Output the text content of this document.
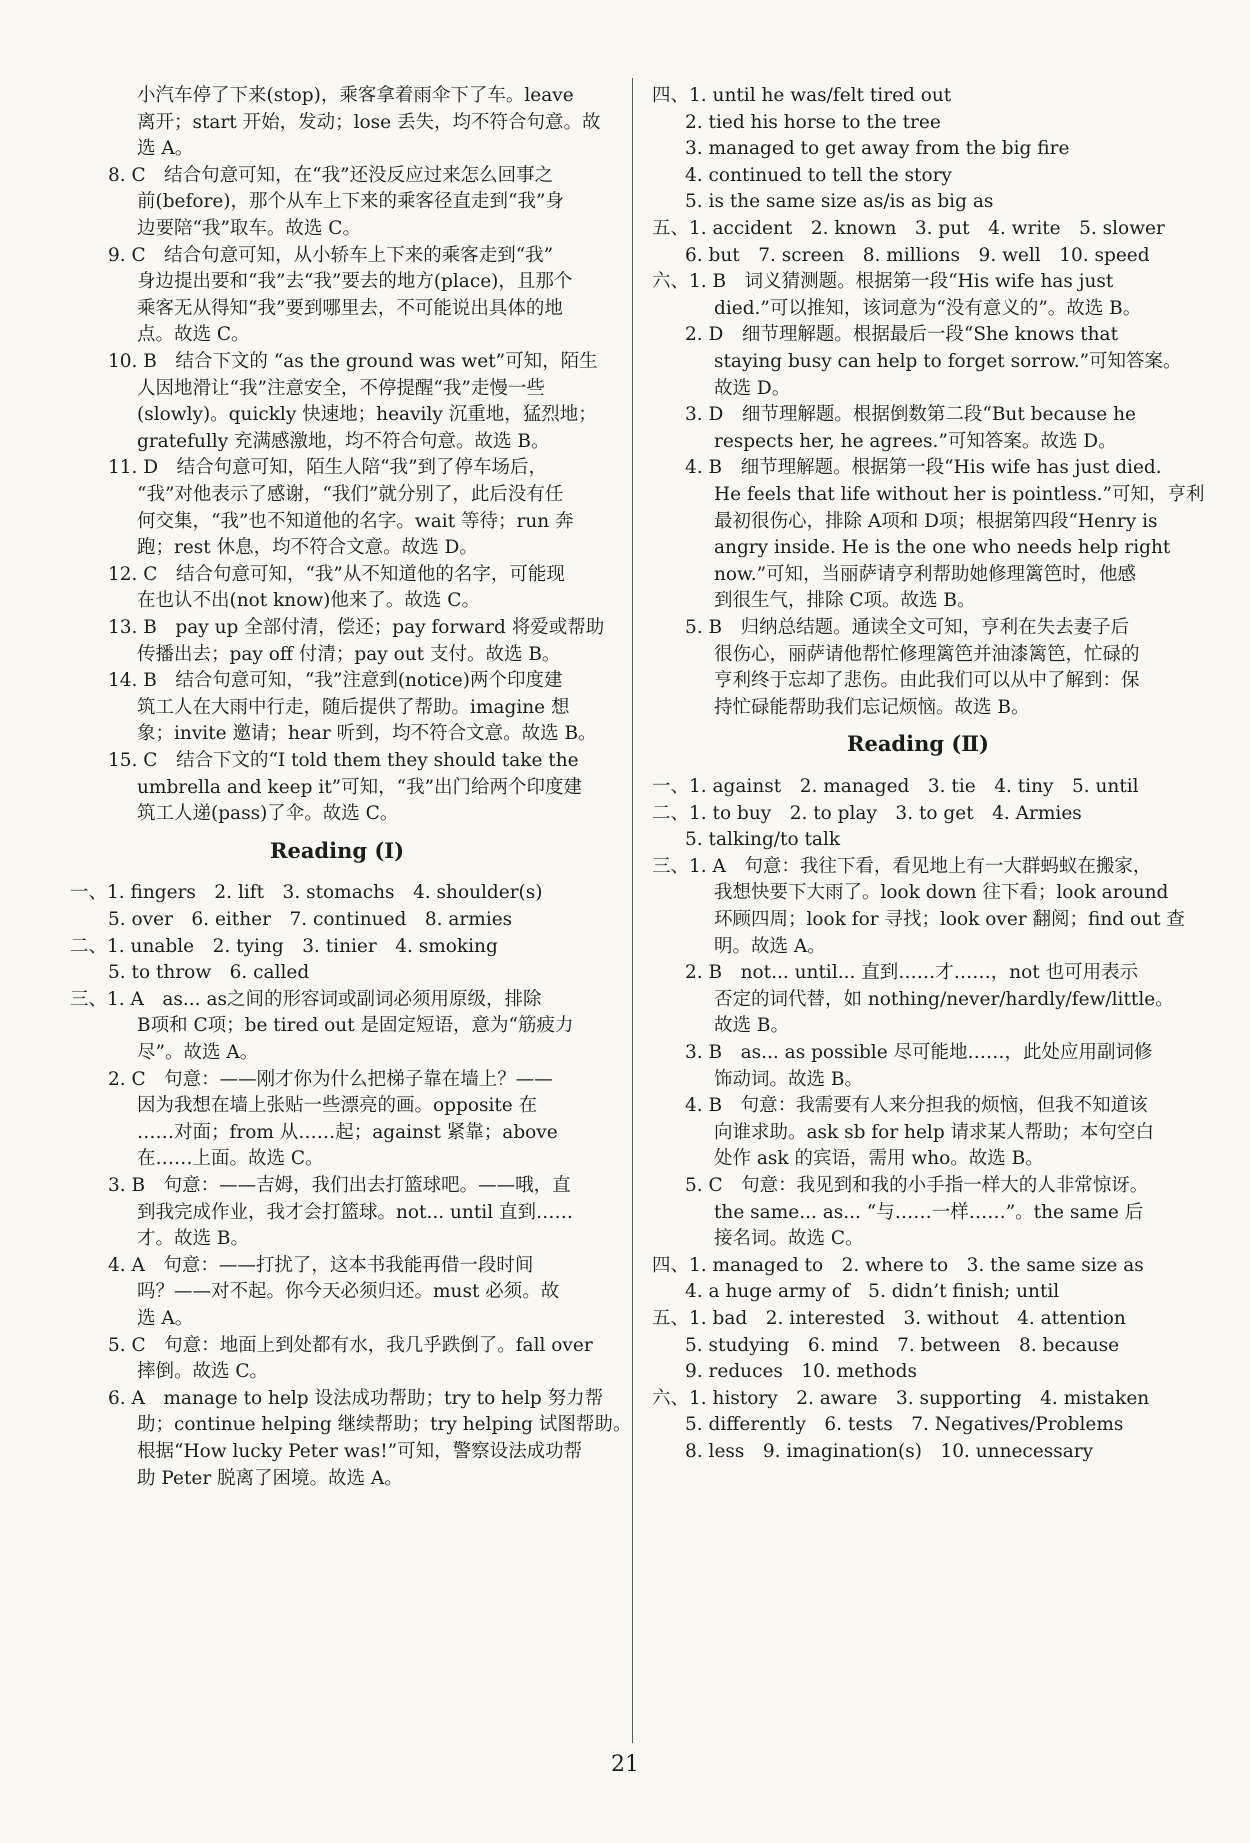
小汽车停了下来(stop)，乘客拿着雨伞下了车。leave
离开；start 开始，发动；lose 丢失，均不符合句意。故
选 A。
8. C　结合句意可知，在“我”还没反应过来怎么回事之
前(before)，那个从车上下来的乘客径直走到“我”身
边要陪“我”取车。故选 C。
9. C　结合句意可知，从小轿车上下来的乘客走到“我”
身边提出要和“我”去“我”要去的地方(place)，且那个
乘客无从得知“我”要到哪里去，不可能说出具体的地
点。故选 C。
10. B　结合下文的 “as the ground was wet”可知，陌生
人因地滑让“我”注意安全，不停提醒“我”走慢一些
(slowly)。quickly 快速地；heavily 沉重地，猛烈地；
gratefully 充满感激地，均不符合句意。故选 B。
11. D　结合句意可知，陌生人陪“我”到了停车场后，
“我”对他表示了感谢，“我们”就分别了，此后没有任
何交集，“我”也不知道他的名字。wait 等待；run 奔
跑；rest 休息，均不符合文意。故选 D。
12. C　结合句意可知，“我”从不知道他的名字，可能现
在也认不出(not know)他来了。故选 C。
13. B　pay up 全部付清，偿还；pay forward 将爱或帮助
传播出去；pay off 付清；pay out 支付。故选 B。
14. B　结合句意可知，“我”注意到(notice)两个印度建
筑工人在大雨中行走，随后提供了帮助。imagine 想
象；invite 邀请；hear 听到，均不符合文意。故选 B。
15. C　结合下文的“I told them they should take the
umbrella and keep it”可知，“我”出门给两个印度建
筑工人递(pass)了伞。故选 C。
Reading (Ⅰ)
一、1. fingers　2. lift　3. stomachs　4. shoulder(s)
5. over　6. either　7. continued　8. armies
二、1. unable　2. tying　3. tinier　4. smoking
5. to throw　6. called
三、1. A　as... as之间的形容词或副词必须用原级，排除
B项和 C项；be tired out 是固定短语，意为“筋疲力
尽”。故选 A。
2. C　句意：——刚才你为什么把梯子靠在墙上？——
因为我想在墙上张贴一些漂亮的画。opposite 在
……对面；from 从……起；against 紧靠；above
在……上面。故选 C。
3. B　句意：——吉姆，我们出去打篮球吧。——哦，直
到我完成作业，我才会打篮球。not... until 直到……
才。故选 B。
4. A　句意：——打扰了，这本书我能再借一段时间
吗？——对不起。你今天必须归还。must 必须。故
选 A。
5. C　句意：地面上到处都有水，我几乎跌倒了。fall over
摔倒。故选 C。
6. A　manage to help 设法成功帮助；try to help 努力帮
助；continue helping 继续帮助；try helping 试图帮助。
根据“How lucky Peter was!”可知，警察设法成功帮
助 Peter 脱离了困境。故选 A。
四、1. until he was/felt tired out
2. tied his horse to the tree
3. managed to get away from the big fire
4. continued to tell the story
5. is the same size as/is as big as
五、1. accident　2. known　3. put　4. write　5. slower
6. but　7. screen　8. millions　9. well　10. speed
六、1. B　词义猜测题。根据第一段“His wife has just
died.”可以推知，该词意为“没有意义的”。故选 B。
2. D　细节理解题。根据最后一段“She knows that
staying busy can help to forget sorrow.”可知答案。
故选 D。
3. D　细节理解题。根据倒数第二段“But because he
respects her, he agrees.”可知答案。故选 D。
4. B　细节理解题。根据第一段“His wife has just died.
He feels that life without her is pointless.”可知，亨利
最初很伤心，排除 A项和 D项；根据第四段“Henry is
angry inside. He is the one who needs help right
now.”可知，当丽萨请亨利帮助她修理篱笆时，他感
到很生气，排除 C项。故选 B。
5. B　归纳总结题。通读全文可知，亨利在失去妻子后
很伤心，丽萨请他帮忙修理篱笆并油漆篱笆，忙碌的
亨利终于忘却了悲伤。由此我们可以从中了解到：保
持忙碌能帮助我们忘记烦恼。故选 B。
Reading (Ⅱ)
一、1. against　2. managed　3. tie　4. tiny　5. until
二、1. to buy　2. to play　3. to get　4. Armies
5. talking/to talk
三、1. A　句意：我往下看，看见地上有一大群蚂蚁在搬家，
我想快要下大雨了。look down 往下看；look around
环顾四周；look for 寻找；look over 翻阅；find out 查
明。故选 A。
2. B　not... until... 直到……才……，not 也可用表示
否定的词代替，如 nothing/never/hardly/few/little。
故选 B。
3. B　as... as possible 尽可能地……，此处应用副词修
饰动词。故选 B。
4. B　句意：我需要有人来分担我的烦恼，但我不知道该
向谁求助。ask sb for help 请求某人帮助；本句空白
处作 ask 的宾语，需用 who。故选 B。
5. C　句意：我见到和我的小手指一样大的人非常惊讶。
the same... as... “与……一样……”。the same 后
接名词。故选 C。
四、1. managed to　2. where to　3. the same size as
4. a huge army of　5. didn’t finish; until
五、1. bad　2. interested　3. without　4. attention
5. studying　6. mind　7. between　8. because
9. reduces　10. methods
六、1. history　2. aware　3. supporting　4. mistaken
5. differently　6. tests　7. Negatives/Problems
8. less　9. imagination(s)　10. unnecessary
21
